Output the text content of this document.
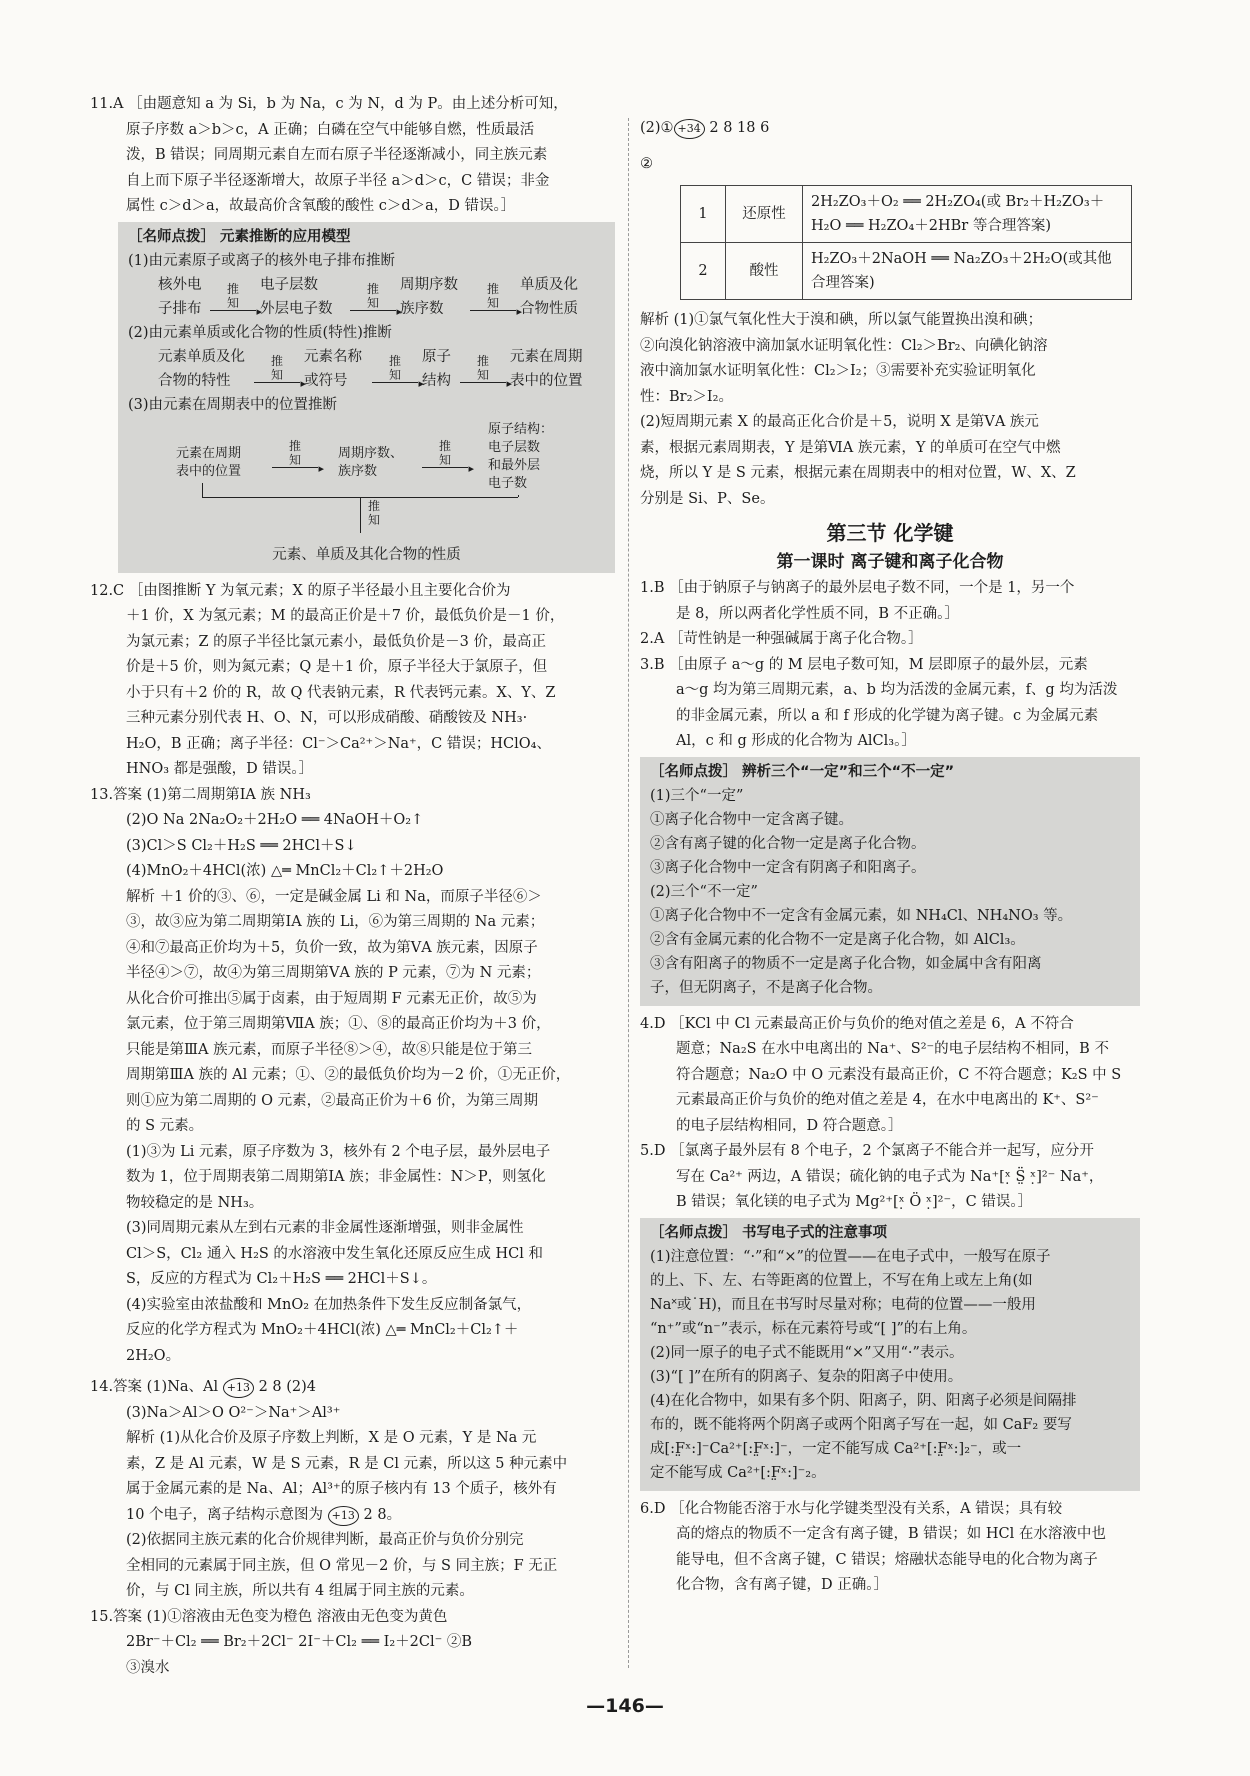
11.A ［由题意知 a 为 Si，b 为 Na，c 为 N，d 为 P。由上述分析可知，

原子序数 a＞b＞c，A 正确；白磷在空气中能够自燃，性质最活

泼，B 错误；同周期元素自左而右原子半径逐渐减小，同主族元素

自上而下原子半径逐渐增大，故原子半径 a＞d＞c，C 错误；非金

属性 c＞d＞a，故最高价含氧酸的酸性 c＞d＞a，D 错误。］

［名师点拨］ 元素推断的应用模型

(1)由元素原子或离子的核外电子排布推断

核外电
子排布
推
知
▸
电子层数
外层电子数
推
知
▸
周期序数
族序数
推
知
▸
单质及化
合物性质

(2)由元素单质或化合物的性质(特性)推断

元素单质及化
合物的特性
推
知
▸
元素名称
或符号
推
知
▸
原子
结构
推
知
▸
元素在周期
表中的位置

(3)由元素在周期表中的位置推断

元素在周期
表中的位置
推
知
▸	周期序数、
族序数
推
知
▸
原子结构：
电子层数
和最外层
电子数
推
知

元素、单质及其化合物的性质

12.C ［由图推断 Y 为氧元素；X 的原子半径最小且主要化合价为

＋1 价，X 为氢元素；M 的最高正价是＋7 价，最低负价是－1 价，

为氯元素；Z 的原子半径比氯元素小，最低负价是－3 价，最高正

价是＋5 价，则为氮元素；Q 是＋1 价，原子半径大于氯原子，但

小于只有＋2 价的 R，故 Q 代表钠元素，R 代表钙元素。X、Y、Z

三种元素分别代表 H、O、N，可以形成硝酸、硝酸铵及 NH₃·

H₂O，B 正确；离子半径：Cl⁻＞Ca²⁺＞Na⁺，C 错误；HClO₄、

HNO₃ 都是强酸，D 错误。］

13.答案 (1)第二周期第ⅠA 族 NH₃

(2)O Na 2Na₂O₂＋2H₂O ══ 4NaOH＋O₂↑

(3)Cl＞S Cl₂＋H₂S ══ 2HCl＋S↓

(4)MnO₂＋4HCl(浓) △═ MnCl₂＋Cl₂↑＋2H₂O

解析 ＋1 价的③、⑥，一定是碱金属 Li 和 Na，而原子半径⑥＞

③，故③应为第二周期第ⅠA 族的 Li，⑥为第三周期的 Na 元素；

④和⑦最高正价均为＋5，负价一致，故为第ⅤA 族元素，因原子

半径④＞⑦，故④为第三周期第ⅤA 族的 P 元素，⑦为 N 元素；

从化合价可推出⑤属于卤素，由于短周期 F 元素无正价，故⑤为

氯元素，位于第三周期第ⅦA 族；①、⑧的最高正价均为＋3 价，

只能是第ⅢA 族元素，而原子半径⑧＞④，故⑧只能是位于第三

周期第ⅢA 族的 Al 元素；①、②的最低负价均为－2 价，①无正价，

则①应为第二周期的 O 元素，②最高正价为＋6 价，为第三周期

的 S 元素。

(1)③为 Li 元素，原子序数为 3，核外有 2 个电子层，最外层电子

数为 1，位于周期表第二周期第ⅠA 族；非金属性：N＞P，则氢化

物较稳定的是 NH₃。

(3)同周期元素从左到右元素的非金属性逐渐增强，则非金属性

Cl＞S，Cl₂ 通入 H₂S 的水溶液中发生氧化还原反应生成 HCl 和

S，反应的方程式为 Cl₂＋H₂S ══ 2HCl＋S↓。

(4)实验室由浓盐酸和 MnO₂ 在加热条件下发生反应制备氯气，

反应的化学方程式为 MnO₂＋4HCl(浓) △═ MnCl₂＋Cl₂↑＋

2H₂O。

14.答案 (1)Na、Al +13 2 8 (2)4

(3)Na＞Al＞O O²⁻＞Na⁺＞Al³⁺

解析 (1)从化合价及原子序数上判断，X 是 O 元素，Y 是 Na 元

素，Z 是 Al 元素，W 是 S 元素，R 是 Cl 元素，所以这 5 种元素中

属于金属元素的是 Na、Al；Al³⁺的原子核内有 13 个质子，核外有

10 个电子，离子结构示意图为 +13 2 8。

(2)依据同主族元素的化合价规律判断，最高正价与负价分别完

全相同的元素属于同主族，但 O 常见－2 价，与 S 同主族；F 无正

价，与 Cl 同主族，所以共有 4 组属于同主族的元素。

15.答案 (1)①溶液由无色变为橙色 溶液由无色变为黄色

2Br⁻＋Cl₂ ══ Br₂＋2Cl⁻ 2I⁻＋Cl₂ ══ I₂＋2Cl⁻ ②B

③溴水

(2)① +34 2 8 18 6

②

1	还原性	2H₂ZO₃＋O₂ ══ 2H₂ZO₄(或 Br₂＋H₂ZO₃＋H₂O ══ H₂ZO₄＋2HBr 等合理答案)
2	酸性	H₂ZO₃＋2NaOH ══ Na₂ZO₃＋2H₂O(或其他合理答案)

解析 (1)①氯气氧化性大于溴和碘，所以氯气能置换出溴和碘；

②向溴化钠溶液中滴加氯水证明氧化性：Cl₂＞Br₂、向碘化钠溶

液中滴加氯水证明氧化性：Cl₂＞I₂；③需要补充实验证明氧化

性：Br₂＞I₂。

(2)短周期元素 X 的最高正化合价是＋5，说明 X 是第ⅤA 族元

素，根据元素周期表，Y 是第ⅥA 族元素，Y 的单质可在空气中燃

烧，所以 Y 是 S 元素，根据元素在周期表中的相对位置，W、X、Z

分别是 Si、P、Se。

第三节 化学键
第一课时 离子键和离子化合物

1.B ［由于钠原子与钠离子的最外层电子数不同，一个是 1，另一个

是 8，所以两者化学性质不同，B 不正确。］

2.A ［苛性钠是一种强碱属于离子化合物。］

3.B ［由原子 a～g 的 M 层电子数可知，M 层即原子的最外层，元素

a～g 均为第三周期元素，a、b 均为活泼的金属元素，f、g 均为活泼

的非金属元素，所以 a 和 f 形成的化学键为离子键。c 为金属元素

Al，c 和 g 形成的化合物为 AlCl₃。］

［名师点拨］ 辨析三个“一定”和三个“不一定”

(1)三个“一定”

①离子化合物中一定含离子键。

②含有离子键的化合物一定是离子化合物。

③离子化合物中一定含有阴离子和阳离子。

(2)三个“不一定”

①离子化合物中不一定含有金属元素，如 NH₄Cl、NH₄NO₃ 等。

②含有金属元素的化合物不一定是离子化合物，如 AlCl₃。

③含有阳离子的物质不一定是离子化合物，如金属中含有阳离

子，但无阴离子，不是离子化合物。

4.D ［KCl 中 Cl 元素最高正价与负价的绝对值之差是 6，A 不符合

题意；Na₂S 在水中电离出的 Na⁺、S²⁻的电子层结构不相同，B 不

符合题意；Na₂O 中 O 元素没有最高正价，C 不符合题意；K₂S 中 S

元素最高正价与负价的绝对值之差是 4，在水中电离出的 K⁺、S²⁻

的电子层结构相同，D 符合题意。］

5.D ［氯离子最外层有 8 个电子，2 个氯离子不能合并一起写，应分开

写在 Ca²⁺ 两边，A 错误；硫化钠的电子式为 Na⁺[ˣ̣ S̤̈ ˣ̣]²⁻ Na⁺，

B 错误；氧化镁的电子式为 Mg²⁺[ˣ̣ Ö ˣ̣]²⁻，C 错误。］

［名师点拨］ 书写电子式的注意事项

(1)注意位置：“·”和“×”的位置——在电子式中，一般写在原子

的上、下、左、右等距离的位置上，不写在角上或左上角(如

Na˟或˙H)，而且在书写时尽量对称；电荷的位置——一般用

“n⁺”或“n⁻”表示，标在元素符号或“[ ]”的右上角。

(2)同一原子的电子式不能既用“×”又用“·”表示。

(3)“[ ]”在所有的阴离子、复杂的阳离子中使用。

(4)在化合物中，如果有多个阴、阳离子，阴、阳离子必须是间隔排

布的，既不能将两个阴离子或两个阳离子写在一起，如 CaF₂ 要写

成[:F̤ˣ:]⁻Ca²⁺[:F̤ˣ:]⁻，一定不能写成 Ca²⁺[:F̤ˣ:]₂⁻，或一

定不能写成 Ca²⁺[:F̤ˣ:]⁻₂。

6.D ［化合物能否溶于水与化学键类型没有关系，A 错误；具有较

高的熔点的物质不一定含有离子键，B 错误；如 HCl 在水溶液中也

能导电，但不含离子键，C 错误；熔融状态能导电的化合物为离子

化合物，含有离子键，D 正确。］

—146—
